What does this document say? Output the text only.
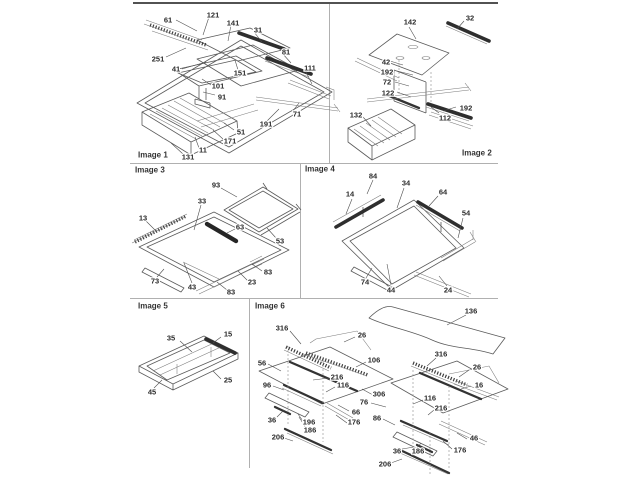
Image 1
61
121
141
31
81
251
41	151
111
101
91
71
191
51
171
11
131	Image 2
142	32
42
192
72
122
132
192
112
Image 3
93
33
13
63
53
83
23
83
43
73
Image 4
84
34
64
14
54
74
44	24
Image 5
35	15
45
25
Image 6
136
316
26
106
56
216
96	116
316
26
16
306
76	116
216
66
86
36	196	176
186
206	46
36 186	176
206
